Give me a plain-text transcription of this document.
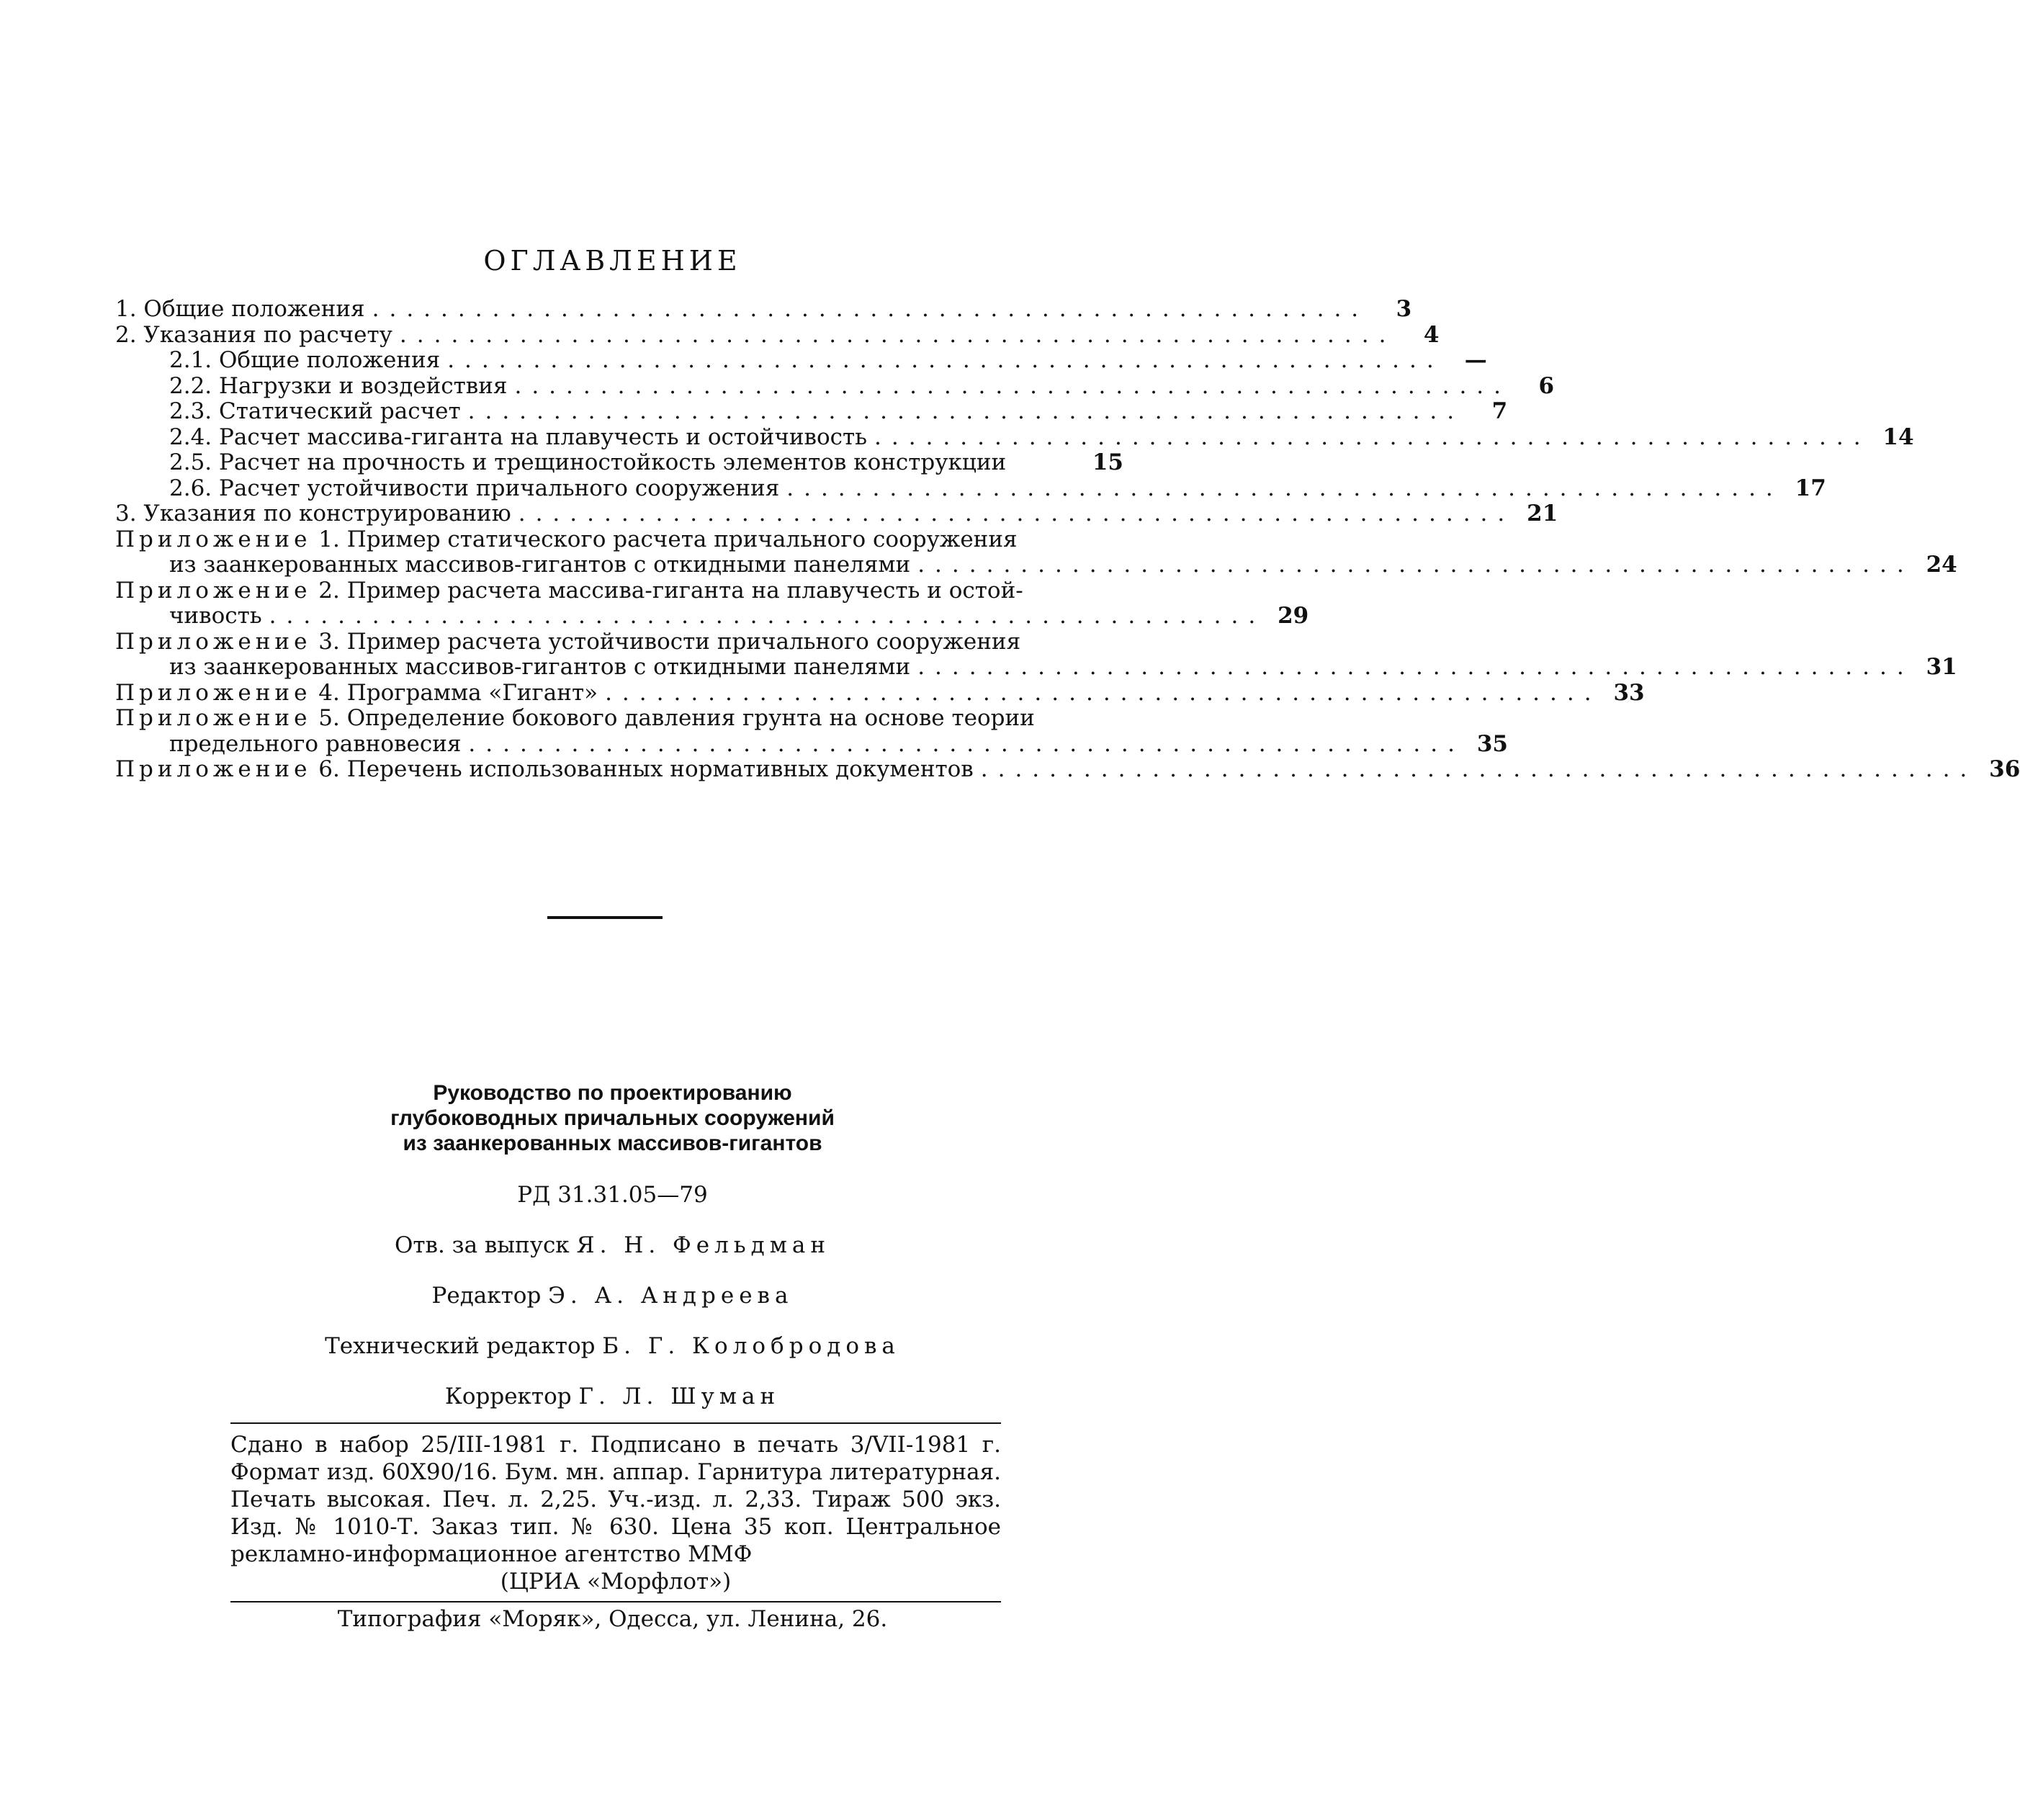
ОГЛАВЛЕНИЕ
1. Общие положения ..........................................................	3
2. Указания по расчету ..........................................................	4
2.1. Общие положения .......................................................... —
2.2. Нагрузки и воздействия ..........................................................	6
2.3. Статический расчет ..........................................................	7
2.4. Расчет массива-гиганта на плавучесть и остойчивость .......................................................... 14
2.5. Расчет на прочность и трещиностойкость элементов конструкции	15
2.6. Расчет устойчивости причального сооружения .......................................................... 17
3. Указания по конструированию .......................................................... 21
Приложение 1. Пример статического расчета причального сооружения
из заанкерованных массивов-гигантов с откидными панелями .......................................................... 24
Приложение 2. Пример расчета массива-гиганта на плавучесть и остой-
чивость .......................................................... 29
Приложение 3. Пример расчета устойчивости причального сооружения
из заанкерованных массивов-гигантов с откидными панелями .......................................................... 31
Приложение 4. Программа «Гигант» .......................................................... 33
Приложение 5. Определение бокового давления грунта на основе теории
предельного равновесия .......................................................... 35
Приложение 6. Перечень использованных нормативных документов .......................................................... 36
Руководство по проектированию
глубоководных причальных сооружений
из заанкерованных массивов-гигантов
РД 31.31.05—79
Отв. за выпуск Я. Н. Фельдман
Редактор Э. А. Андреева
Технический редактор Б. Г. Колобродова
Корректор Г. Л. Шуман
Сдано в набор 25/III-1981 г. Подписано в печать 3/VII-1981 г. Формат изд. 60X90/16. Бум. мн. аппар. Гарнитура литературная. Печать высокая. Печ. л. 2,25. Уч.-изд. л. 2,33. Тираж 500 экз. Изд. № 1010-Т. Заказ тип. № 630. Цена 35 коп. Центральное рекламно-информационное агентство ММФ
(ЦРИА «Морфлот»)
Типография «Моряк», Одесса, ул. Ленина, 26.
